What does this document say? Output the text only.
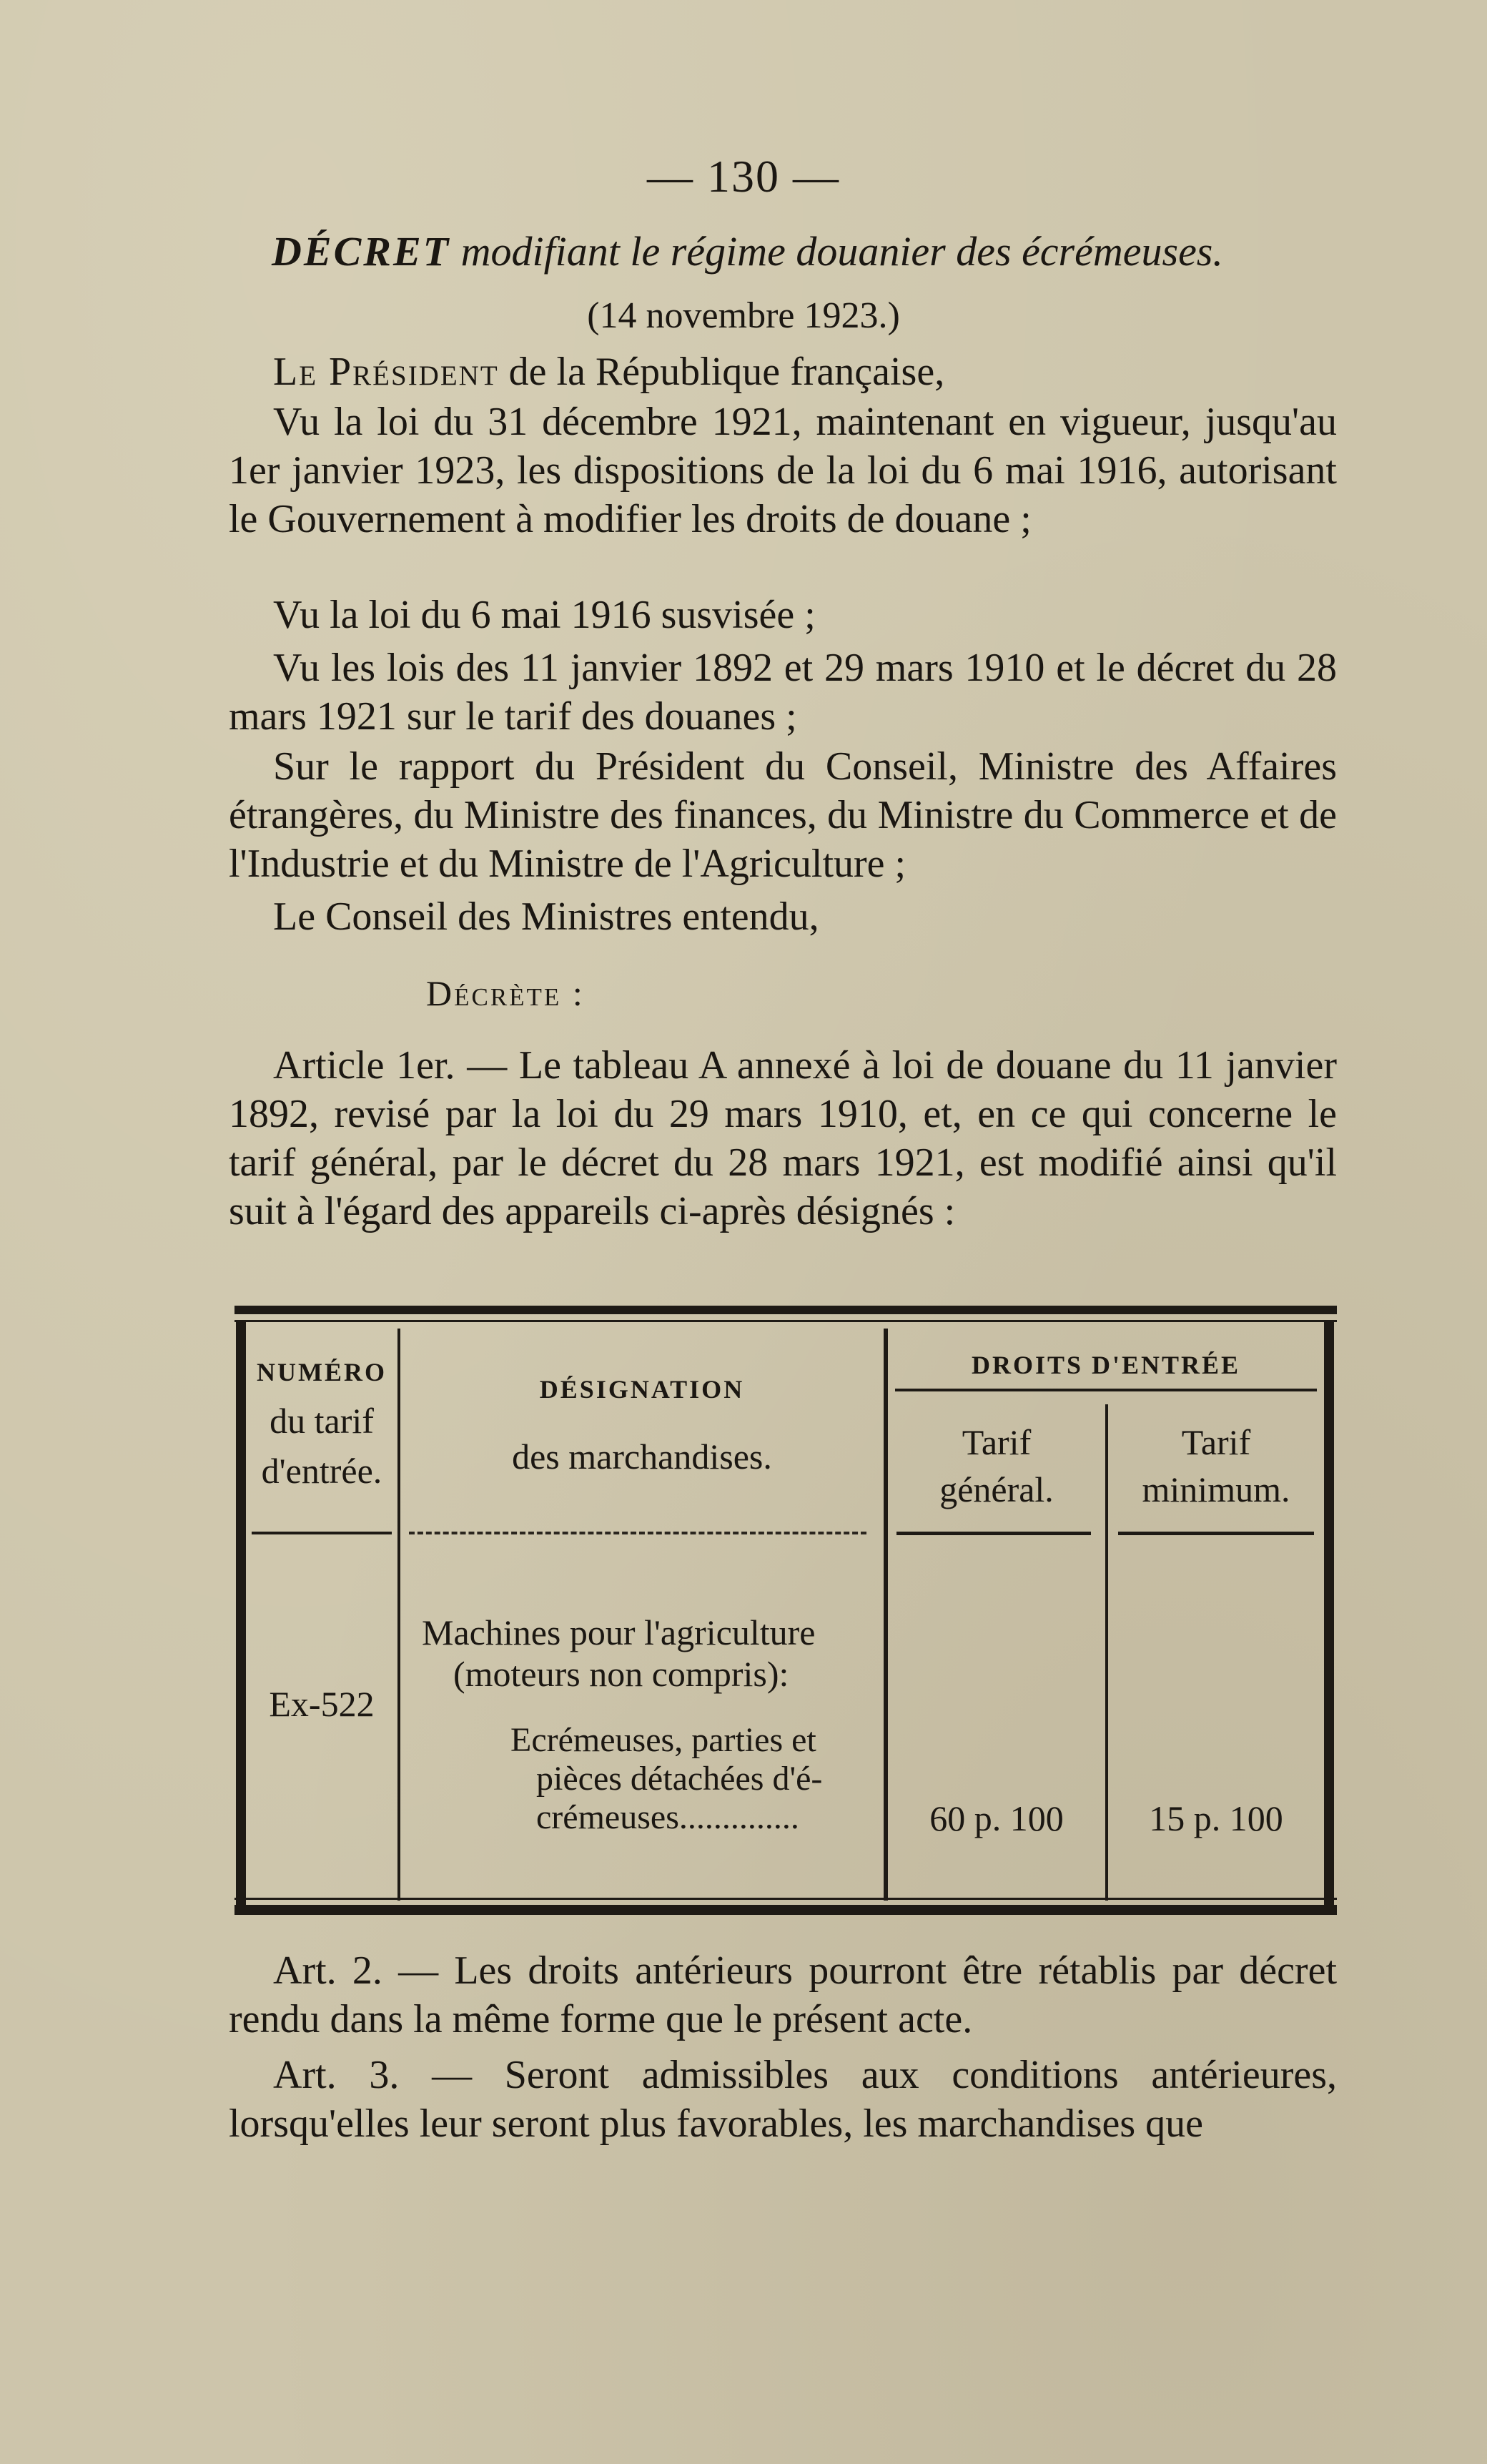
— 130 —
DÉCRET modifiant le régime douanier des écrémeuses.
(14 novembre 1923.)
Le Président de la République française,
Vu la loi du 31 décembre 1921, maintenant en vigueur, jusqu'au 1er janvier 1923, les dispositions de la loi du 6 mai 1916, autorisant le Gouvernement à modifier les droits de douane ;
Vu la loi du 6 mai 1916 susvisée ;
Vu les lois des 11 janvier 1892 et 29 mars 1910 et le décret du 28 mars 1921 sur le tarif des douanes ;
Sur le rapport du Président du Conseil, Ministre des Affaires étrangères, du Ministre des finances, du Ministre du Commerce et de l'Industrie et du Ministre de l'Agriculture ;
Le Conseil des Ministres entendu,
Décrète :
Article 1er. — Le tableau A annexé à loi de douane du 11 janvier 1892, revisé par la loi du 29 mars 1910, et, en ce qui concerne le tarif général, par le décret du 28 mars 1921, est modifié ainsi qu'il suit à l'égard des appareils ci-après désignés :
NUMÉRO
du tarif
d'entrée.
DÉSIGNATION
des marchandises.
DROITS D'ENTRÉE
Tarif
général.
Tarif
minimum.
Ex-522
Machines pour l'agriculture
(moteurs non compris):
Ecrémeuses, parties et
pièces détachées d'é-
crémeuses..............	60 p. 100	15 p. 100
Art. 2. — Les droits antérieurs pourront être rétablis par décret rendu dans la même forme que le présent acte.
Art. 3. — Seront admissibles aux conditions antérieures, lorsqu'elles leur seront plus favorables, les marchandises que
